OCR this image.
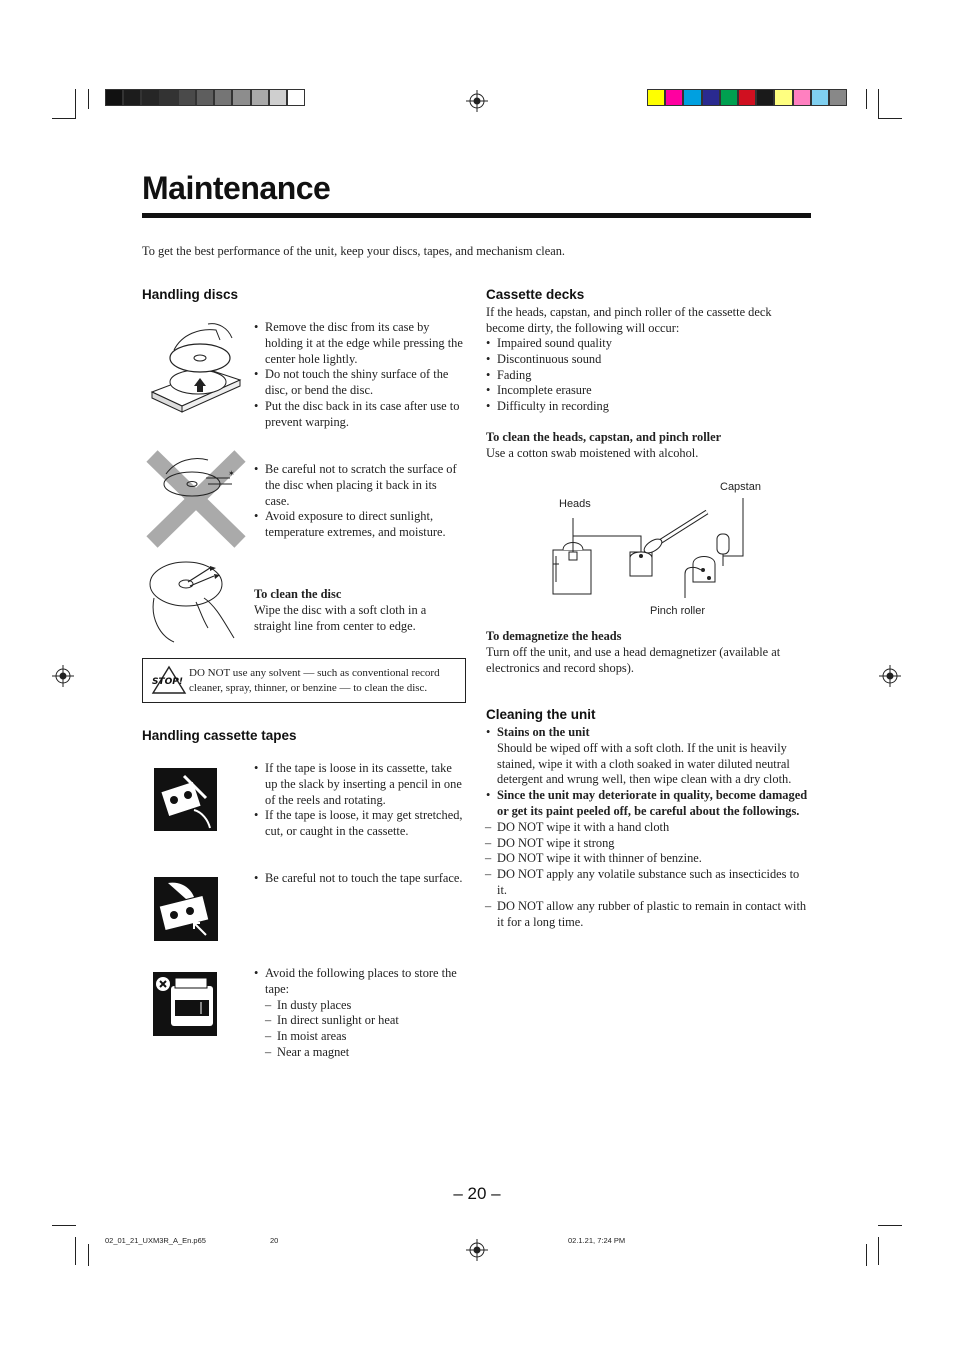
Maintenance
To get the best performance of the unit, keep your discs, tapes, and mechanism clean.
Handling discs
• Remove the disc from its case by holding it at the edge while pressing the center hole lightly.
• Do not touch the shiny surface of the disc, or bend the disc.
• Put the disc back in its case after use to prevent warping.
✶
•	Be careful not to scratch the surface of the disc when placing it back in its case.
• Avoid exposure to direct sunlight, temperature extremes, and moisture.
To clean the disc
Wipe the disc with a soft cloth in a straight line from center to edge.
STOP!
DO NOT use any solvent — such as conventional record cleaner, spray, thinner, or benzine — to clean the disc.
Handling cassette tapes
• If the tape is loose in its cassette, take up the slack by inserting a pencil in one of the reels and rotating.
• If the tape is loose, it may get stretched, cut, or caught in the cassette.
• Be careful not to touch the tape surface.
• Avoid the following places to store the tape:
– In dusty places
– In direct sunlight or heat
– In moist areas
– Near a magnet
Cassette decks
If the heads, capstan, and pinch roller of the cassette deck become dirty, the following will occur:
• Impaired sound quality
• Discontinuous sound
• Fading
• Incomplete erasure
• Difficulty in recording
To clean the heads, capstan, and pinch roller
Use a cotton swab moistened with alcohol.
Heads
Capstan
Pinch roller
To demagnetize the heads
Turn off the unit, and use a head demagnetizer (available at electronics and record shops).
Cleaning the unit
• Stains on the unit
Should be wiped off with a soft cloth. If the unit is heavily stained, wipe it with a cloth soaked in water diluted neutral detergent and wrung well, then wipe clean with a dry cloth.
• Since the unit may deteriorate in quality, become damaged or get its paint peeled off, be careful about the followings.
– DO NOT wipe it with a hand cloth
– DO NOT wipe it strong
– DO NOT wipe it with thinner of benzine.
– DO NOT apply any volatile substance such as insecticides to it.
– DO NOT allow any rubber of plastic to remain in contact with it for a long time.
– 20 –
02_01_21_UXM3R_A_En.p65	20	02.1.21, 7:24 PM
